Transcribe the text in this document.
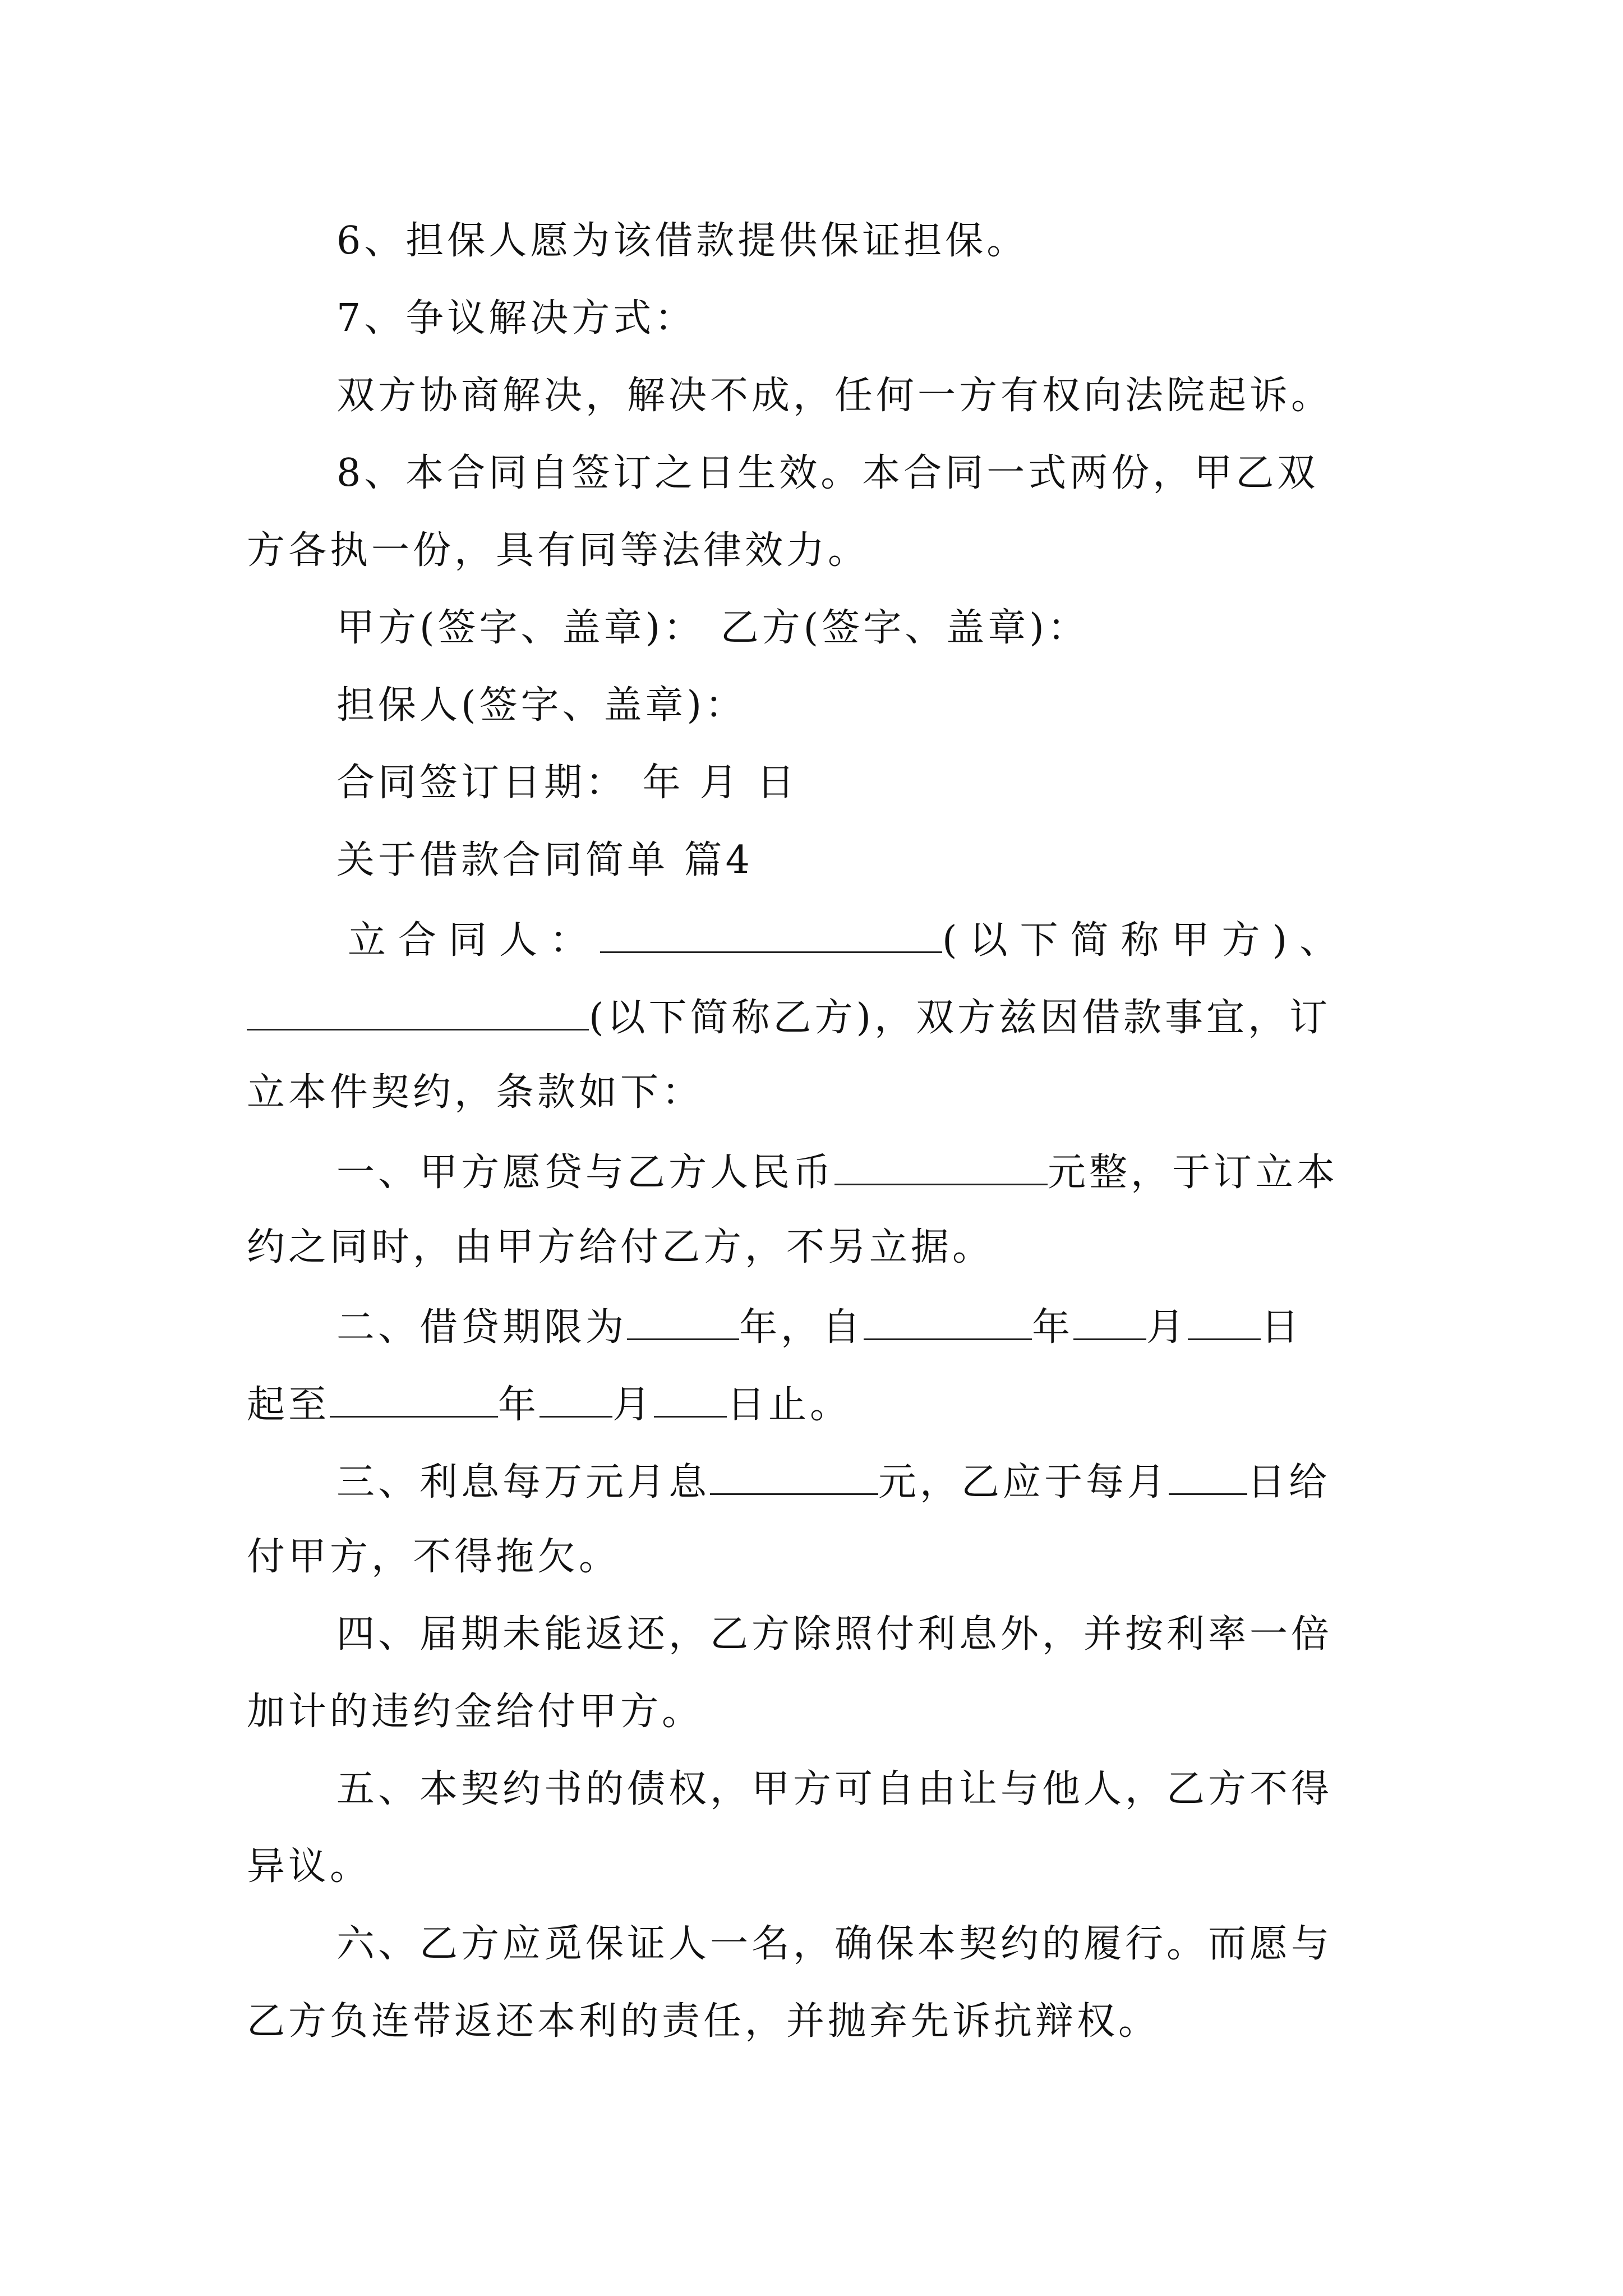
6、担保人愿为该借款提供保证担保。
7、争议解决方式：
双方协商解决，解决不成，任何一方有权向法院起诉。
8、本合同自签订之日生效。本合同一式两份，甲乙双
方各执一份，具有同等法律效力。
甲方(签字、盖章)： 乙方(签字、盖章)：
担保人(签字、盖章)：
合同签订日期： 年 月 日
关于借款合同简单 篇4
立合同人：	(以下简称甲方)、
(以下简称乙方)，双方兹因借款事宜，订
立本件契约，条款如下：
一、甲方愿贷与乙方人民币	元整，于订立本
约之同时，由甲方给付乙方，不另立据。
二、借贷期限为	年，自	年 月 日
起至	年 月 日止。
三、利息每万元月息	元，乙应于每月 日给
付甲方，不得拖欠。
四、届期未能返还，乙方除照付利息外，并按利率一倍
加计的违约金给付甲方。
五、本契约书的债权，甲方可自由让与他人，乙方不得
异议。
六、乙方应觅保证人一名，确保本契约的履行。而愿与
乙方负连带返还本利的责任，并抛弃先诉抗辩权。
